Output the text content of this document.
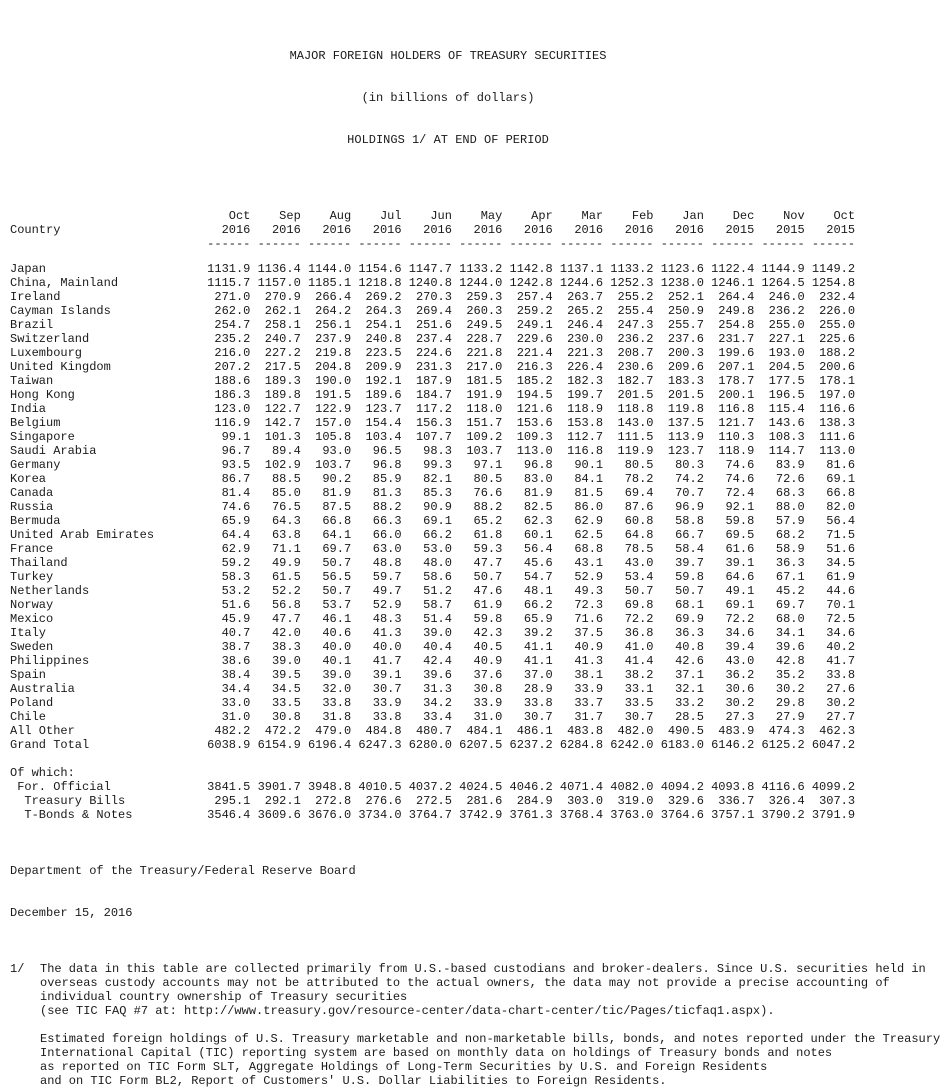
MAJOR FOREIGN HOLDERS OF TREASURY SECURITIES

(in billions of dollars)

HOLDINGS 1/ AT END OF PERIOD

Oct	Sep	Aug	Jul	Jun	May	Apr	Mar	Feb	Jan	Dec	Nov	Oct
Country	2016	2016	2016	2016	2016	2016	2016	2016	2016	2016	2015	2015	2015
------ ------ ------ ------ ------ ------ ------ ------ ------ ------ ------ ------ ------
Japan	1131.9 1136.4 1144.0 1154.6 1147.7 1133.2 1142.8 1137.1 1133.2 1123.6 1122.4 1144.9 1149.2
China, Mainland	1115.7 1157.0 1185.1 1218.8 1240.8 1244.0 1242.8 1244.6 1252.3 1238.0 1246.1 1264.5 1254.8
Ireland	271.0	270.9	266.4	269.2	270.3	259.3	257.4	263.7	255.2	252.1	264.4	246.0	232.4
Cayman Islands	262.0	262.1	264.2	264.3	269.4	260.3	259.2	265.2	255.4	250.9	249.8	236.2	226.0
Brazil	254.7	258.1	256.1	254.1	251.6	249.5	249.1	246.4	247.3	255.7	254.8	255.0	255.0
Switzerland	235.2	240.7	237.9	240.8	237.4	228.7	229.6	230.0	236.2	237.6	231.7	227.1	225.6
Luxembourg	216.0	227.2	219.8	223.5	224.6	221.8	221.4	221.3	208.7	200.3	199.6	193.0	188.2
United Kingdom	207.2	217.5	204.8	209.9	231.3	217.0	216.3	226.4	230.6	209.6	207.1	204.5	200.6
Taiwan	188.6	189.3	190.0	192.1	187.9	181.5	185.2	182.3	182.7	183.3	178.7	177.5	178.1
Hong Kong	186.3	189.8	191.5	189.6	184.7	191.9	194.5	199.7	201.5	201.5	200.1	196.5	197.0
India	123.0	122.7	122.9	123.7	117.2	118.0	121.6	118.9	118.8	119.8	116.8	115.4	116.6
Belgium	116.9	142.7	157.0	154.4	156.3	151.7	153.6	153.8	143.0	137.5	121.7	143.6	138.3
Singapore	99.1	101.3	105.8	103.4	107.7	109.2	109.3	112.7	111.5	113.9	110.3	108.3	111.6
Saudi Arabia	96.7	89.4	93.0	96.5	98.3	103.7	113.0	116.8	119.9	123.7	118.9	114.7	113.0
Germany	93.5	102.9	103.7	96.8	99.3	97.1	96.8	90.1	80.5	80.3	74.6	83.9	81.6
Korea	86.7	88.5	90.2	85.9	82.1	80.5	83.0	84.1	78.2	74.2	74.6	72.6	69.1
Canada	81.4	85.0	81.9	81.3	85.3	76.6	81.9	81.5	69.4	70.7	72.4	68.3	66.8
Russia	74.6	76.5	87.5	88.2	90.9	88.2	82.5	86.0	87.6	96.9	92.1	88.0	82.0
Bermuda	65.9	64.3	66.8	66.3	69.1	65.2	62.3	62.9	60.8	58.8	59.8	57.9	56.4
United Arab Emirates	64.4	63.8	64.1	66.0	66.2	61.8	60.1	62.5	64.8	66.7	69.5	68.2	71.5
France	62.9	71.1	69.7	63.0	53.0	59.3	56.4	68.8	78.5	58.4	61.6	58.9	51.6
Thailand	59.2	49.9	50.7	48.8	48.0	47.7	45.6	43.1	43.0	39.7	39.1	36.3	34.5
Turkey	58.3	61.5	56.5	59.7	58.6	50.7	54.7	52.9	53.4	59.8	64.6	67.1	61.9
Netherlands	53.2	52.2	50.7	49.7	51.2	47.6	48.1	49.3	50.7	50.7	49.1	45.2	44.6
Norway	51.6	56.8	53.7	52.9	58.7	61.9	66.2	72.3	69.8	68.1	69.1	69.7	70.1
Mexico	45.9	47.7	46.1	48.3	51.4	59.8	65.9	71.6	72.2	69.9	72.2	68.0	72.5
Italy	40.7	42.0	40.6	41.3	39.0	42.3	39.2	37.5	36.8	36.3	34.6	34.1	34.6
Sweden	38.7	38.3	40.0	40.0	40.4	40.5	41.1	40.9	41.0	40.8	39.4	39.6	40.2
Philippines	38.6	39.0	40.1	41.7	42.4	40.9	41.1	41.3	41.4	42.6	43.0	42.8	41.7
Spain	38.4	39.5	39.0	39.1	39.6	37.6	37.0	38.1	38.2	37.1	36.2	35.2	33.8
Australia	34.4	34.5	32.0	30.7	31.3	30.8	28.9	33.9	33.1	32.1	30.6	30.2	27.6
Poland	33.0	33.5	33.8	33.9	34.2	33.9	33.8	33.7	33.5	33.2	30.2	29.8	30.2
Chile	31.0	30.8	31.8	33.8	33.4	31.0	30.7	31.7	30.7	28.5	27.3	27.9	27.7
All Other	482.2	472.2	479.0	484.8	480.7	484.1	486.1	483.8	482.0	490.5	483.9	474.3	462.3
Grand Total	6038.9 6154.9 6196.4 6247.3 6280.0 6207.5 6237.2 6284.8 6242.0 6183.0 6146.2 6125.2 6047.2
Of which:
For. Official	3841.5 3901.7 3948.8 4010.5 4037.2 4024.5 4046.2 4071.4 4082.0 4094.2 4093.8 4116.6 4099.2
Treasury Bills	295.1	292.1	272.8	276.6	272.5	281.6	284.9	303.0	319.0	329.6	336.7	326.4	307.3
T-Bonds & Notes	3546.4 3609.6 3676.0 3734.0 3764.7 3742.9 3761.3 3768.4 3763.0 3764.6 3757.1 3790.2 3791.9

Department of the Treasury/Federal Reserve Board

December 15, 2016

1/ The data in this table are collected primarily from U.S.-based custodians and broker-dealers. Since U.S. securities held in
overseas custody accounts may not be attributed to the actual owners, the data may not provide a precise accounting of
individual country ownership of Treasury securities
(see TIC FAQ #7 at: http://www.treasury.gov/resource-center/data-chart-center/tic/Pages/ticfaq1.aspx).
Estimated foreign holdings of U.S. Treasury marketable and non-marketable bills, bonds, and notes reported under the Treasury
International Capital (TIC) reporting system are based on monthly data on holdings of Treasury bonds and notes
as reported on TIC Form SLT, Aggregate Holdings of Long-Term Securities by U.S. and Foreign Residents
and on TIC Form BL2, Report of Customers' U.S. Dollar Liabilities to Foreign Residents.
